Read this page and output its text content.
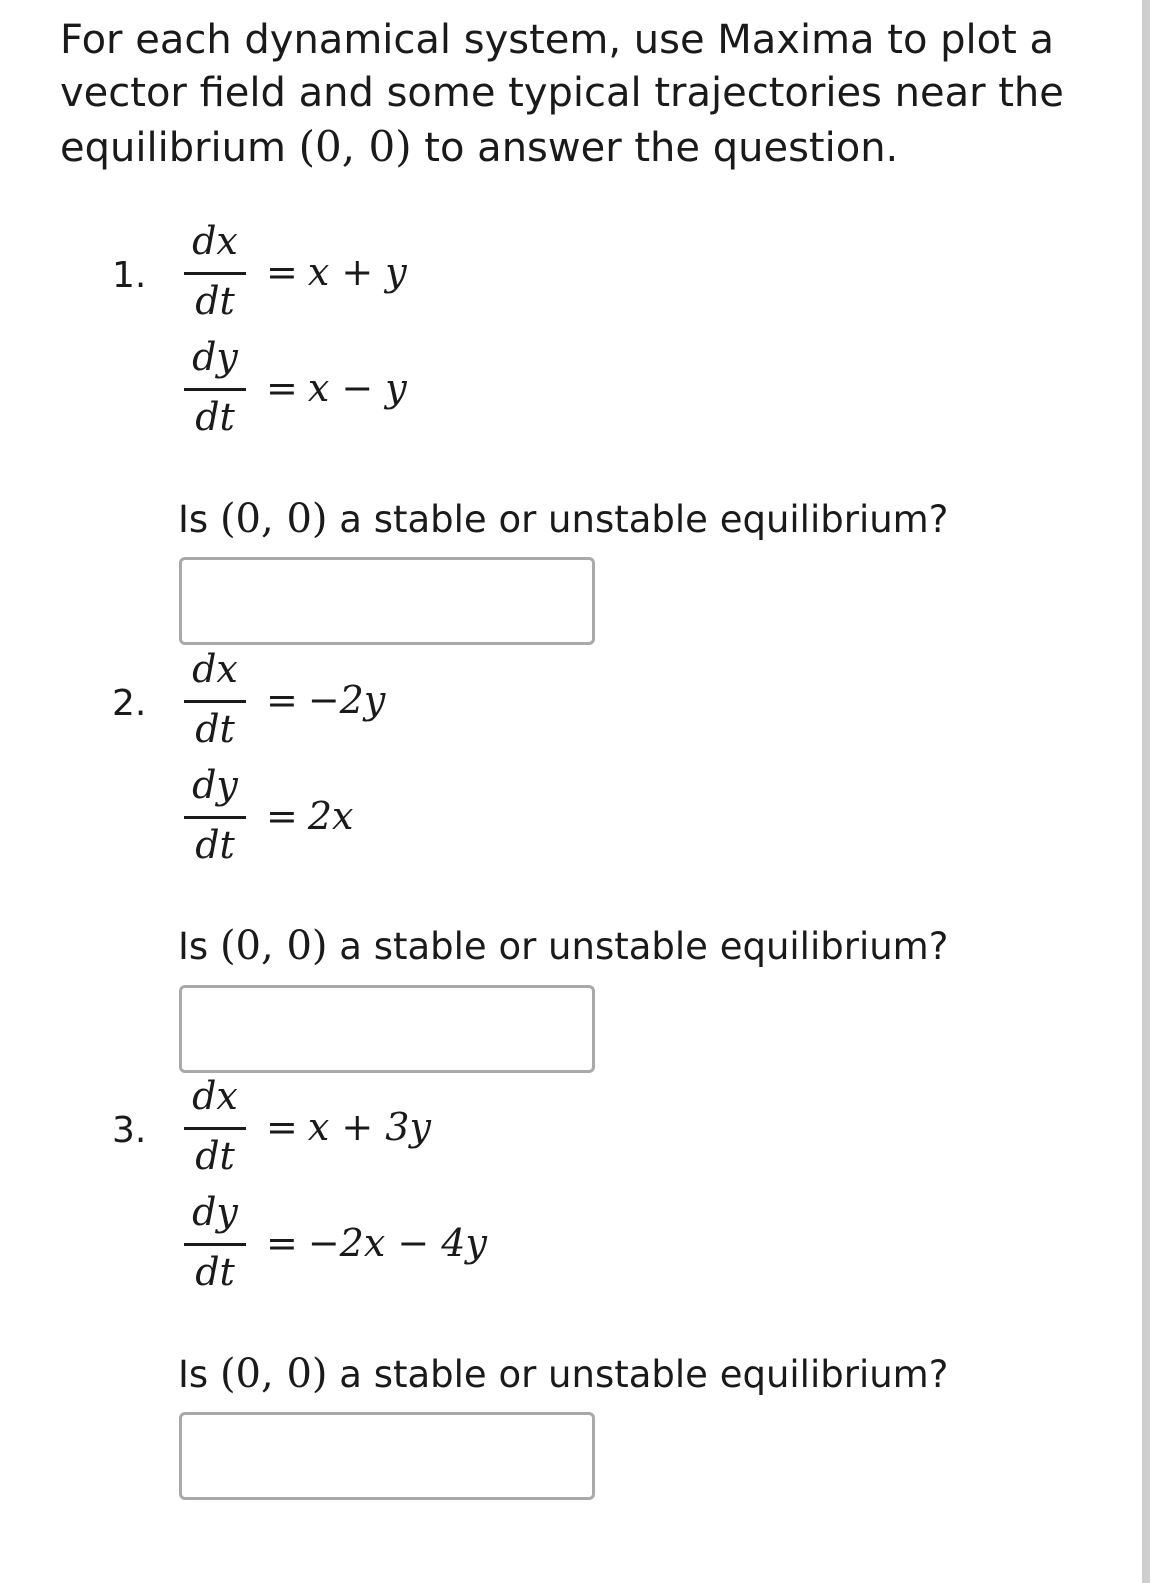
For each dynamical system, use Maxima to plot a vector field and some typical trajectories near the equilibrium (0, 0) to answer the question.

1.
dx
dt
= x + y
dy
dt
= x − y
Is (0, 0) a stable or unstable equilibrium?
2.
dx
dt
= −2y
dy
dt
= 2x
Is (0, 0) a stable or unstable equilibrium?
3.
dx
dt
= x + 3y
dy
dt
= −2x − 4y
Is (0, 0) a stable or unstable equilibrium?
